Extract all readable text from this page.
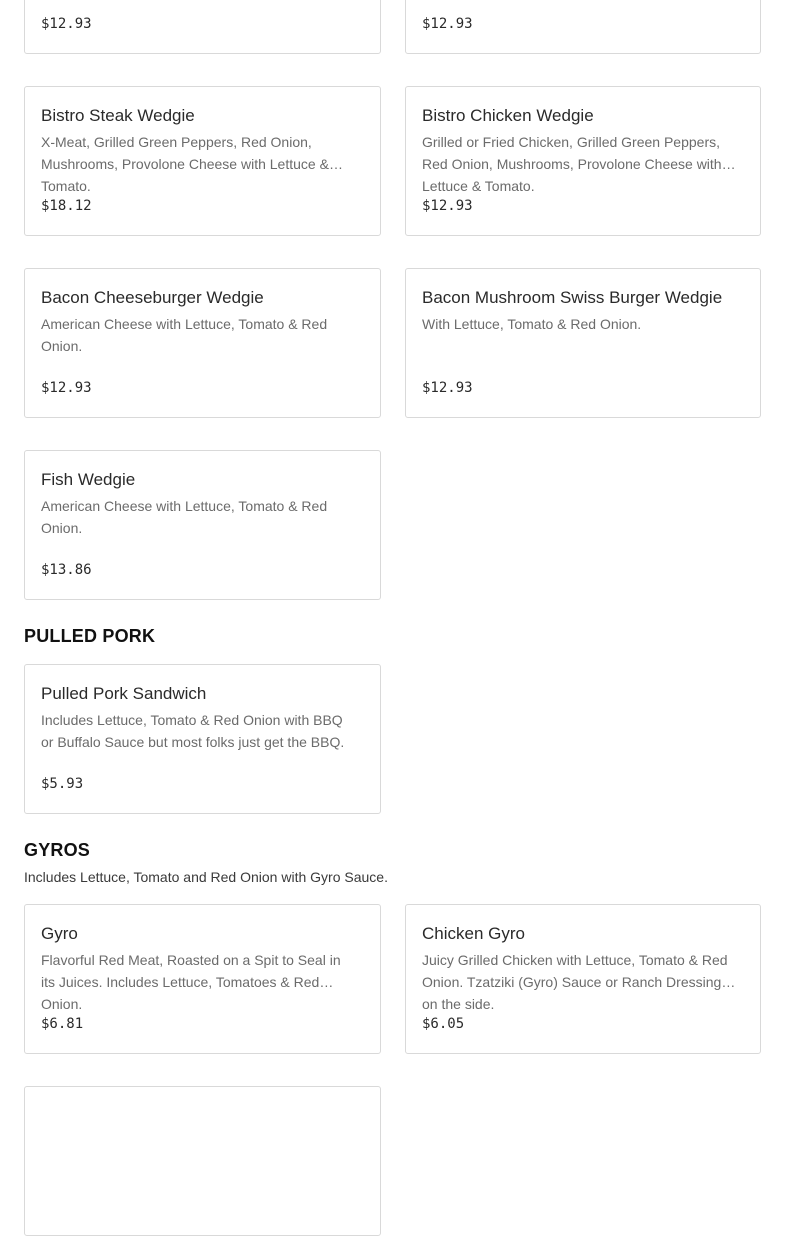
$12.93	$12.93
Bistro Steak Wedgie
X-Meat, Grilled Green Peppers, Red Onion, Mushrooms, Provolone Cheese with Lettuce & Tomato.
$18.12
Bistro Chicken Wedgie
Grilled or Fried Chicken, Grilled Green Peppers, Red Onion, Mushrooms, Provolone Cheese with Lettuce & Tomato.
$12.93
Bacon Cheeseburger Wedgie
American Cheese with Lettuce, Tomato & Red Onion.
$12.93
Bacon Mushroom Swiss Burger Wedgie
With Lettuce, Tomato & Red Onion.
$12.93
Fish Wedgie
American Cheese with Lettuce, Tomato & Red Onion.
$13.86
PULLED PORK
Pulled Pork Sandwich
Includes Lettuce, Tomato & Red Onion with BBQ or Buffalo Sauce but most folks just get the BBQ.
$5.93
GYROS
Includes Lettuce, Tomato and Red Onion with Gyro Sauce.
Gyro
Flavorful Red Meat, Roasted on a Spit to Seal in its Juices. Includes Lettuce, Tomatoes & Red Onion.
$6.81
Chicken Gyro
Juicy Grilled Chicken with Lettuce, Tomato & Red Onion. Tzatziki (Gyro) Sauce or Ranch Dressing on the side.
$6.05
